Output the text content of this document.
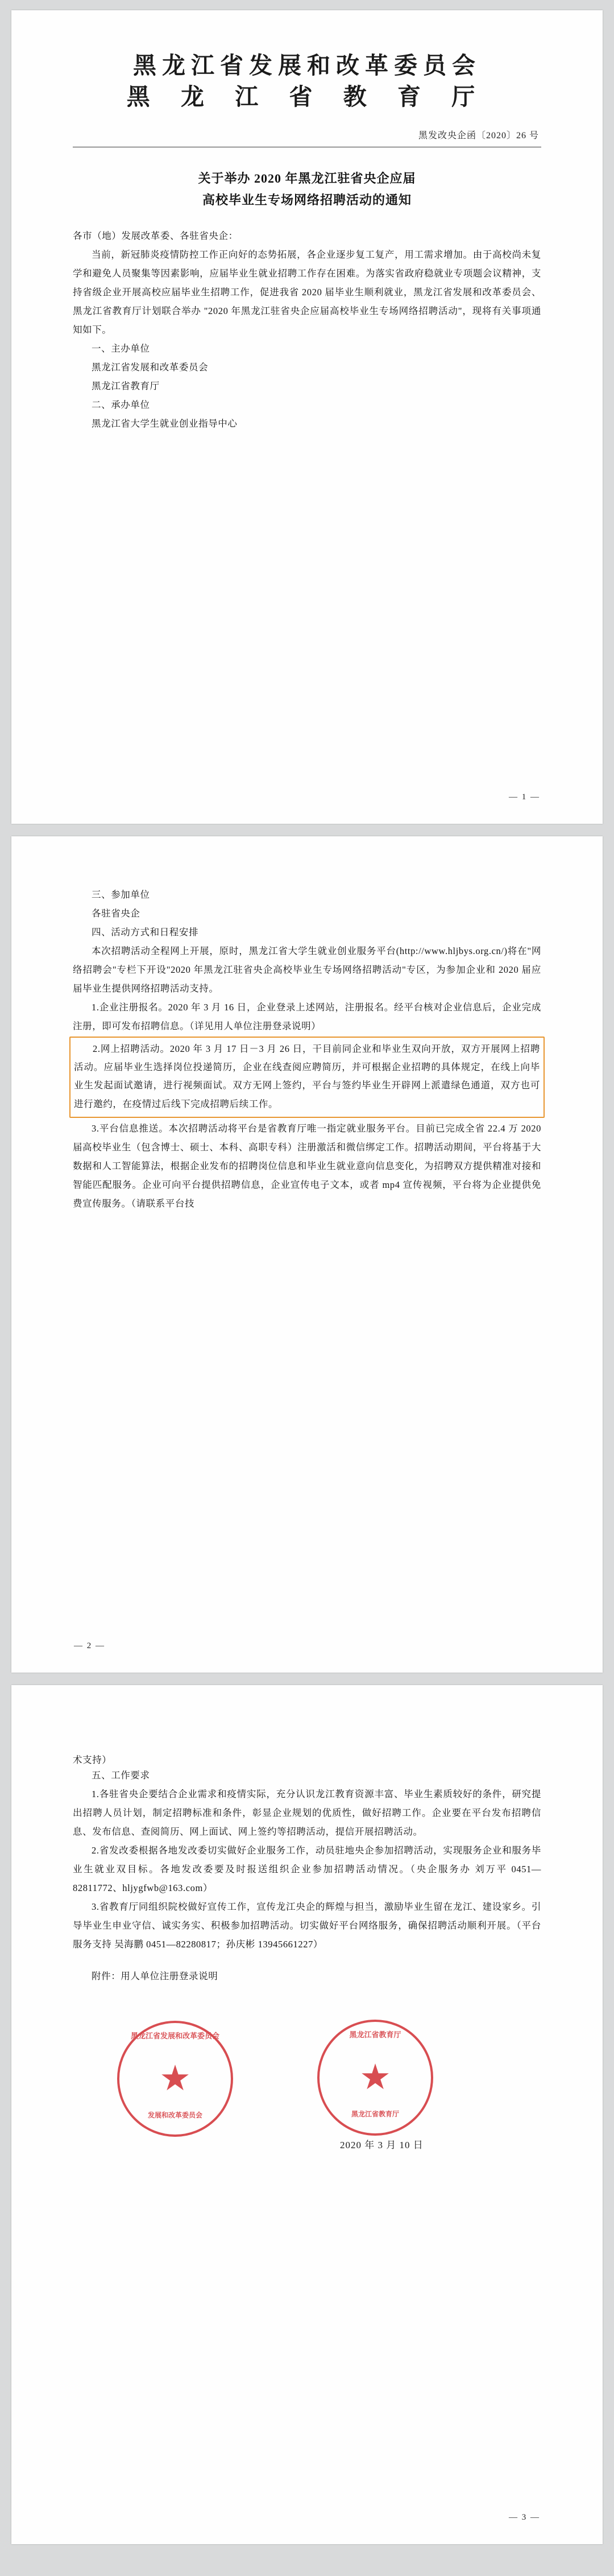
黑龙江省发展和改革委员会
黑 龙 江 省 教 育 厅
黑发改央企函〔2020〕26 号
关于举办 2020 年黑龙江驻省央企应届
高校毕业生专场网络招聘活动的通知

各市（地）发展改革委、各驻省央企：

当前，新冠肺炎疫情防控工作正向好的态势拓展，各企业逐步复工复产，用工需求增加。由于高校尚未复学和避免人员聚集等因素影响，应届毕业生就业招聘工作存在困难。为落实省政府稳就业专项题会议精神，支持省级企业开展高校应届毕业生招聘工作，促进我省 2020 届毕业生顺利就业，黑龙江省发展和改革委员会、黑龙江省教育厅计划联合举办 "2020 年黑龙江驻省央企应届高校毕业生专场网络招聘活动"，现将有关事项通知如下。

一、主办单位

黑龙江省发展和改革委员会

黑龙江省教育厅

二、承办单位

黑龙江省大学生就业创业指导中心

— 1 —

三、参加单位

各驻省央企

四、活动方式和日程安排

本次招聘活动全程网上开展，原时，黑龙江省大学生就业创业服务平台(http://www.hljbys.org.cn/)将在"网络招聘会"专栏下开设"2020 年黑龙江驻省央企高校毕业生专场网络招聘活动"专区，为参加企业和 2020 届应届毕业生提供网络招聘活动支持。

1.企业注册报名。2020 年 3 月 16 日，企业登录上述网站，注册报名。经平台核对企业信息后，企业完成注册，即可发布招聘信息。（详见用人单位注册登录说明）

2.网上招聘活动。2020 年 3 月 17 日－3 月 26 日，干目前同企业和毕业生双向开放，双方开展网上招聘活动。应届毕业生选择岗位投递简历，企业在线查阅应聘简历，并可根据企业招聘的具体规定，在线上向毕业生发起面试邀请，进行视频面试。双方无网上签约，平台与签约毕业生开辟网上派遣绿色通道，双方也可进行邀约，在疫情过后线下完成招聘后续工作。

3.平台信息推送。本次招聘活动将平台是省教育厅唯一指定就业服务平台。目前已完成全省 22.4 万 2020 届高校毕业生（包含博士、硕士、本科、高职专科）注册激活和微信绑定工作。招聘活动期间，平台将基于大数据和人工智能算法，根据企业发布的招聘岗位信息和毕业生就业意向信息变化，为招聘双方提供精准对接和智能匹配服务。企业可向平台提供招聘信息，企业宣传电子文本，或者 mp4 宣传视频，平台将为企业提供免费宣传服务。（请联系平台技

— 2 —
术支持）

五、工作要求

1.各驻省央企要结合企业需求和疫情实际，充分认识龙江教育资源丰富、毕业生素质较好的条件，研究提出招聘人员计划，制定招聘标准和条件，彰显企业规划的优质性，做好招聘工作。企业要在平台发布招聘信息、发布信息、查阅简历、网上面试、网上签约等招聘活动，提信开展招聘活动。

2.省发改委根据各地发改委切实做好企业服务工作，动员驻地央企参加招聘活动，实现服务企业和服务毕业生就业双目标。各地发改委要及时报送组织企业参加招聘活动情况。（央企服务办 刘万平 0451—82811772、hljygfwb@163.com）

3.省教育厅同组织院校做好宣传工作，宣传龙江央企的辉煌与担当，激励毕业生留在龙江、建设家乡。引导毕业生申业守信、诚实务实、积极参加招聘活动。切实做好平台网络服务，确保招聘活动顺利开展。（平台服务支持 吴海鹏 0451—82280817；孙庆彬 13945661227）

附件：用人单位注册登录说明
黑龙江省发展和改革委员会
★
发展和改革委员会
黑龙江省教育厅
★
黑龙江省教育厅
2020 年 3 月 10 日
— 3 —
